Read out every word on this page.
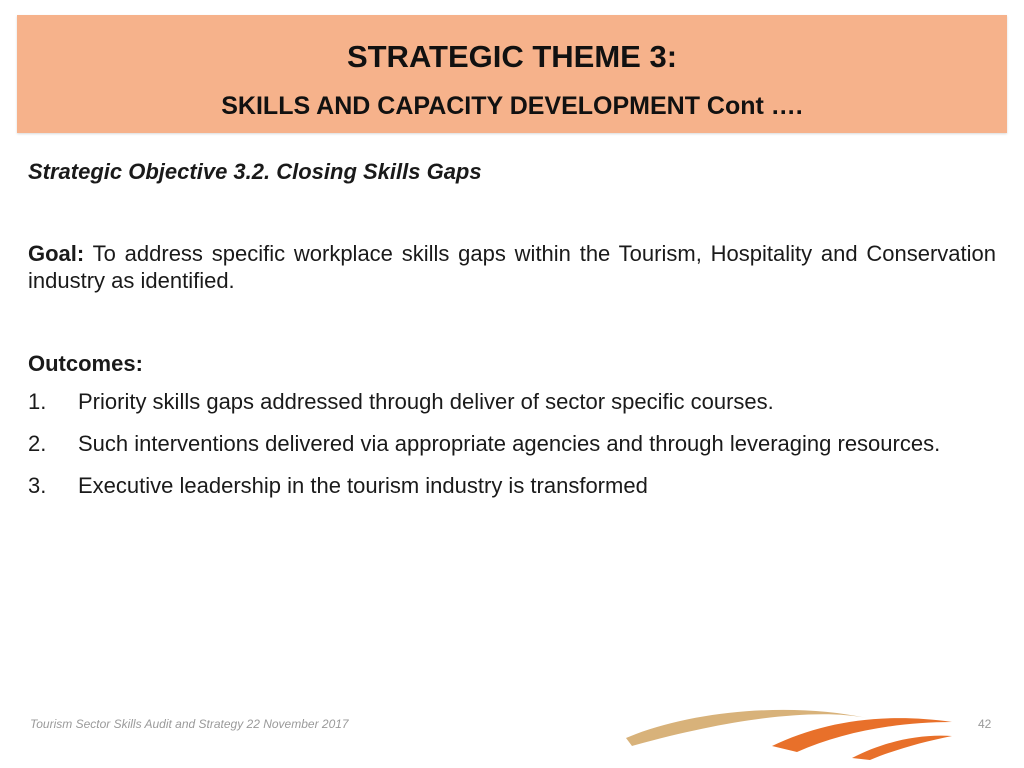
STRATEGIC THEME 3:
SKILLS AND CAPACITY DEVELOPMENT Cont ….

Strategic Objective 3.2. Closing Skills Gaps

Goal: To address specific workplace skills gaps within the Tourism, Hospitality and Conservation industry as identified.

Outcomes:

1.	Priority skills gaps addressed through deliver of sector specific courses.
2.	Such interventions delivered via appropriate agencies and through leveraging resources.
3.	Executive leadership in the tourism industry is transformed
Tourism Sector Skills Audit and Strategy 22 November 2017	42
